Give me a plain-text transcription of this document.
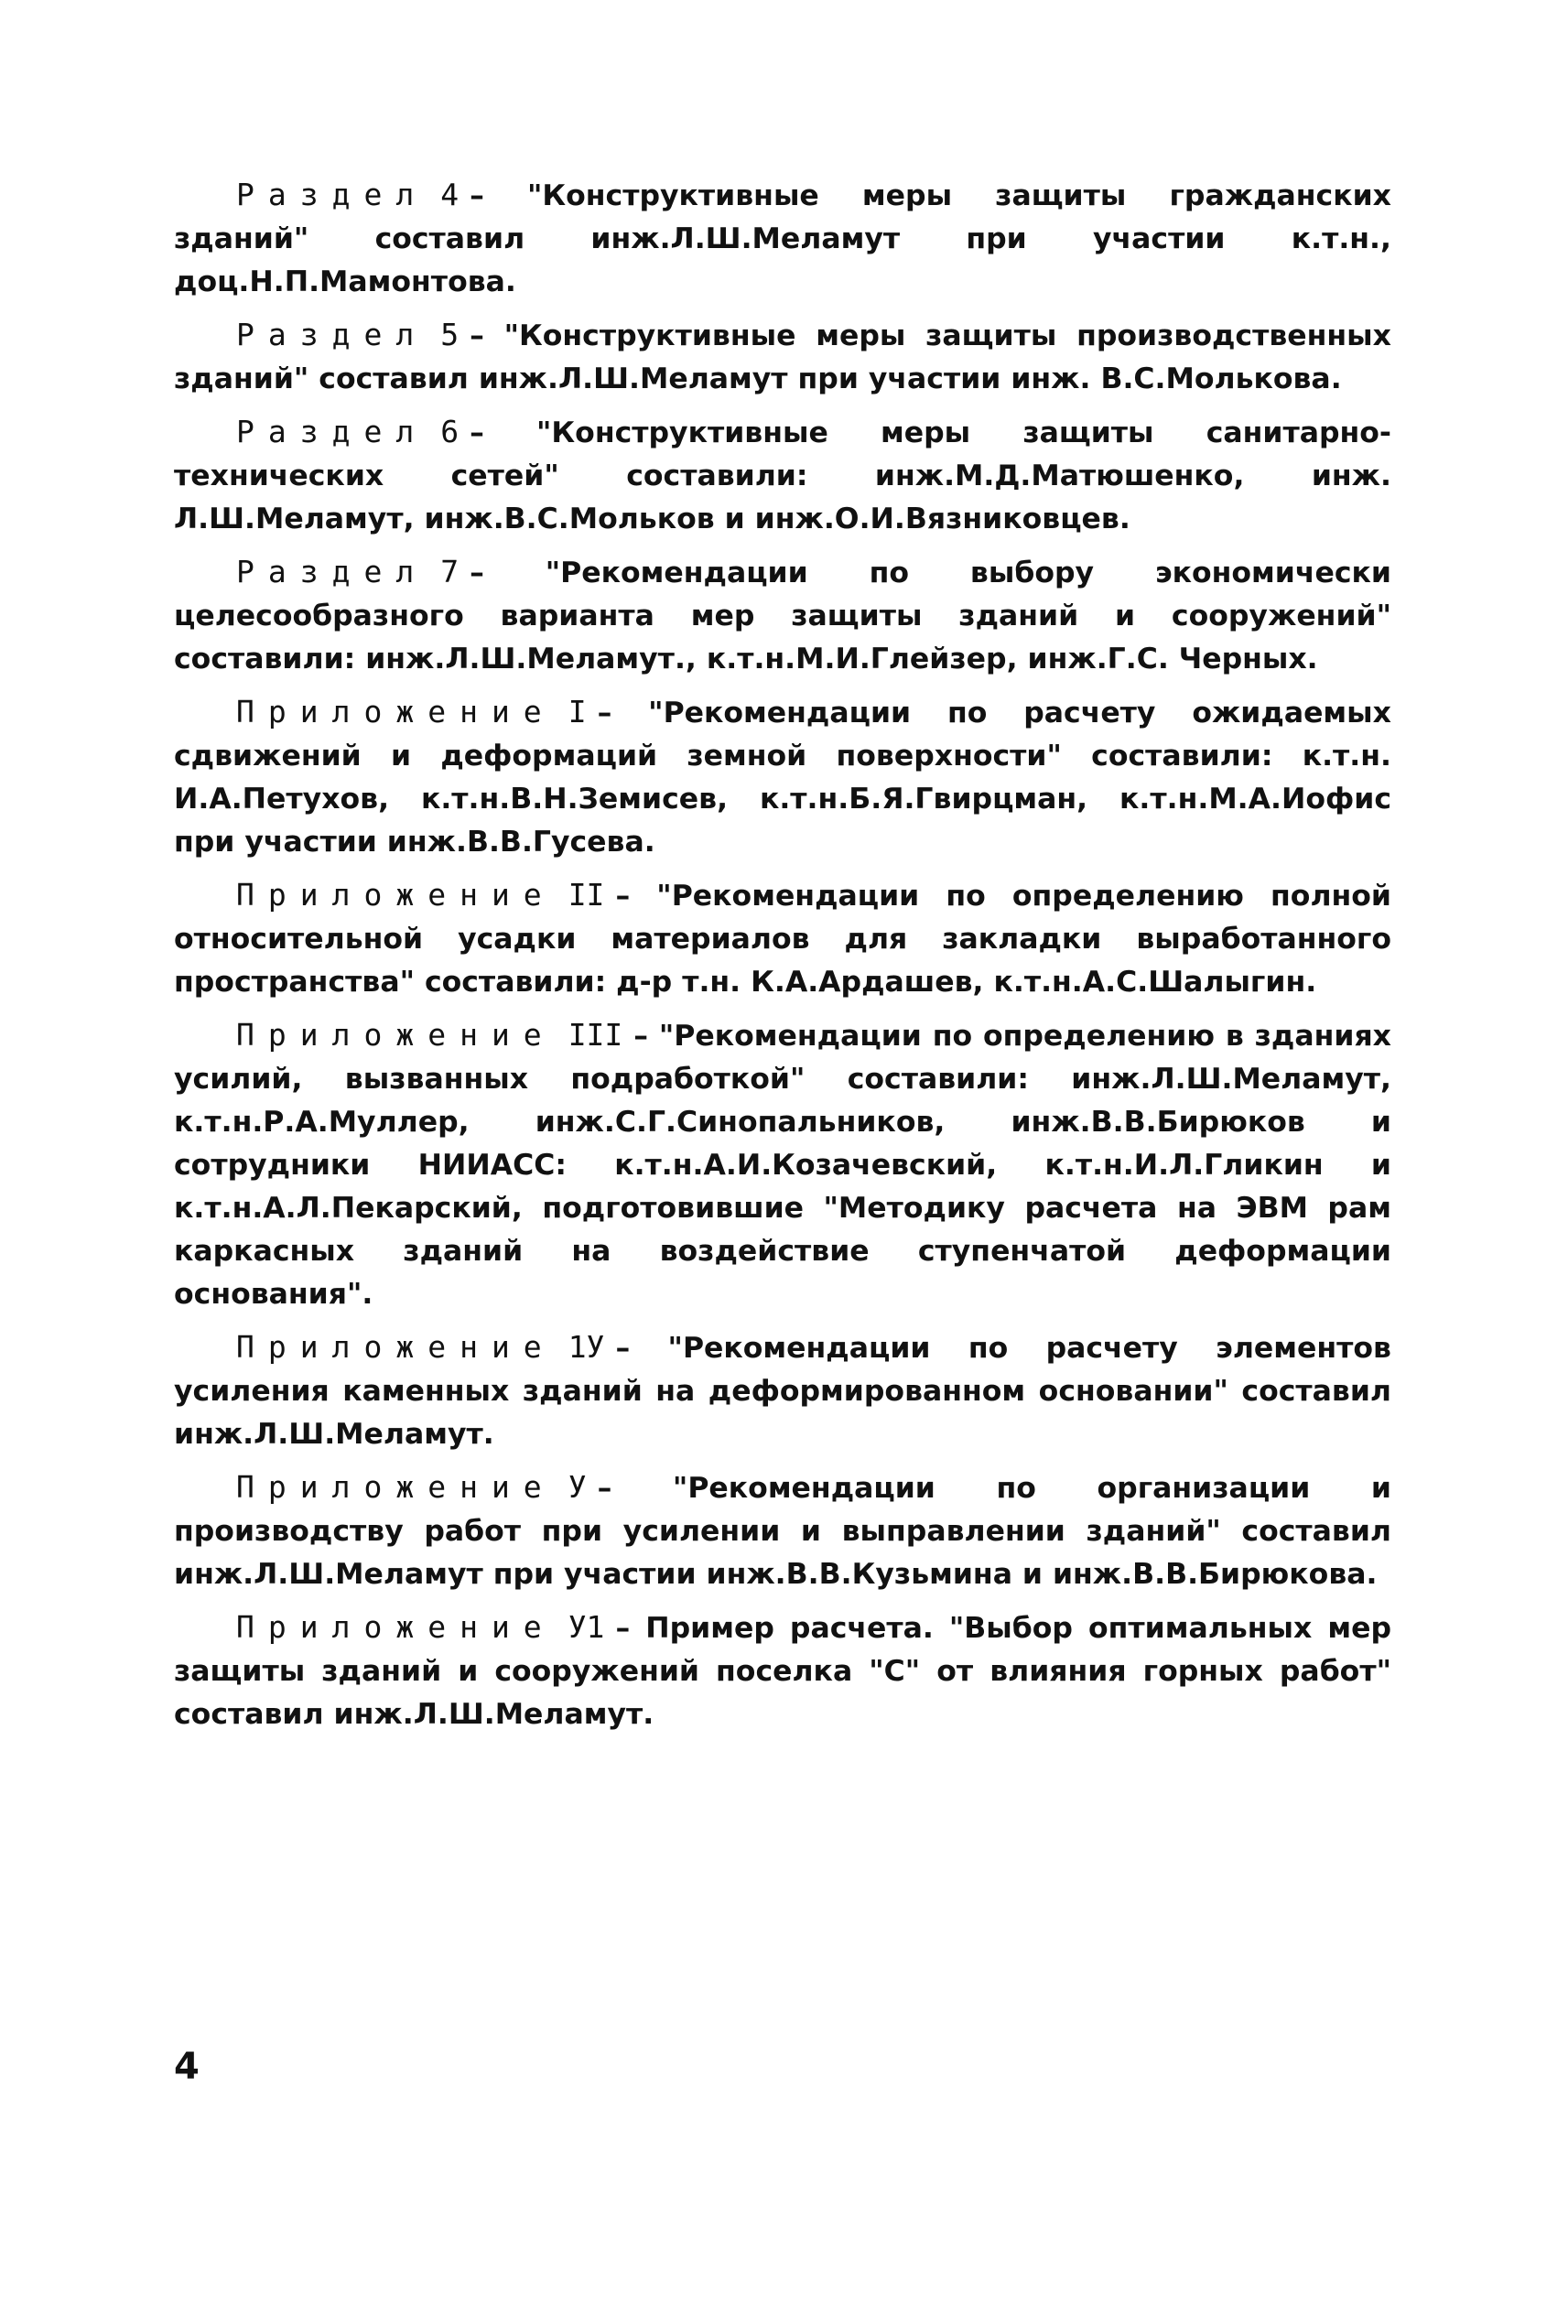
Раздел 4 – "Конструктивные меры защиты гражданских зданий" составил инж.Л.Ш.Меламут при участии к.т.н., доц.Н.П.Мамонтова.

Раздел 5 – "Конструктивные меры защиты производственных зданий" составил инж.Л.Ш.Меламут при участии инж. В.С.Молькова.

Раздел 6 – "Конструктивные меры защиты санитарно-технических сетей" составили: инж.М.Д.Матюшенко, инж. Л.Ш.Меламут, инж.В.С.Мольков и инж.О.И.Вязниковцев.

Раздел 7 – "Рекомендации по выбору экономически целесообразного варианта мер защиты зданий и сооружений" составили: инж.Л.Ш.Меламут., к.т.н.М.И.Глейзер, инж.Г.С. Черных.

Приложение I – "Рекомендации по расчету ожидаемых сдвижений и деформаций земной поверхности" составили: к.т.н. И.А.Петухов, к.т.н.В.Н.Земисев, к.т.н.Б.Я.Гвирцман, к.т.н.М.А.Иофис при участии инж.В.В.Гусева.

Приложение II – "Рекомендации по определению полной относительной усадки материалов для закладки выработанного пространства" составили: д-р т.н. К.А.Ардашев, к.т.н.А.С.Шалыгин.

Приложение III – "Рекомендации по определению в зданиях усилий, вызванных подработкой" составили: инж.Л.Ш.Меламут, к.т.н.Р.А.Муллер, инж.С.Г.Синопальников, инж.В.В.Бирюков и сотрудники НИИАСС: к.т.н.А.И.Козачевский, к.т.н.И.Л.Гликин и к.т.н.А.Л.Пекарский, подготовившие "Методику расчета на ЭВМ рам каркасных зданий на воздействие ступенчатой деформации основания".

Приложение 1У – "Рекомендации по расчету элементов усиления каменных зданий на деформированном основании" составил инж.Л.Ш.Меламут.

Приложение У – "Рекомендации по организации и производству работ при усилении и выправлении зданий" составил инж.Л.Ш.Меламут при участии инж.В.В.Кузьмина и инж.В.В.Бирюкова.

Приложение У1 – Пример расчета. "Выбор оптимальных мер защиты зданий и сооружений поселка "С" от влияния горных работ" составил инж.Л.Ш.Меламут.

4
